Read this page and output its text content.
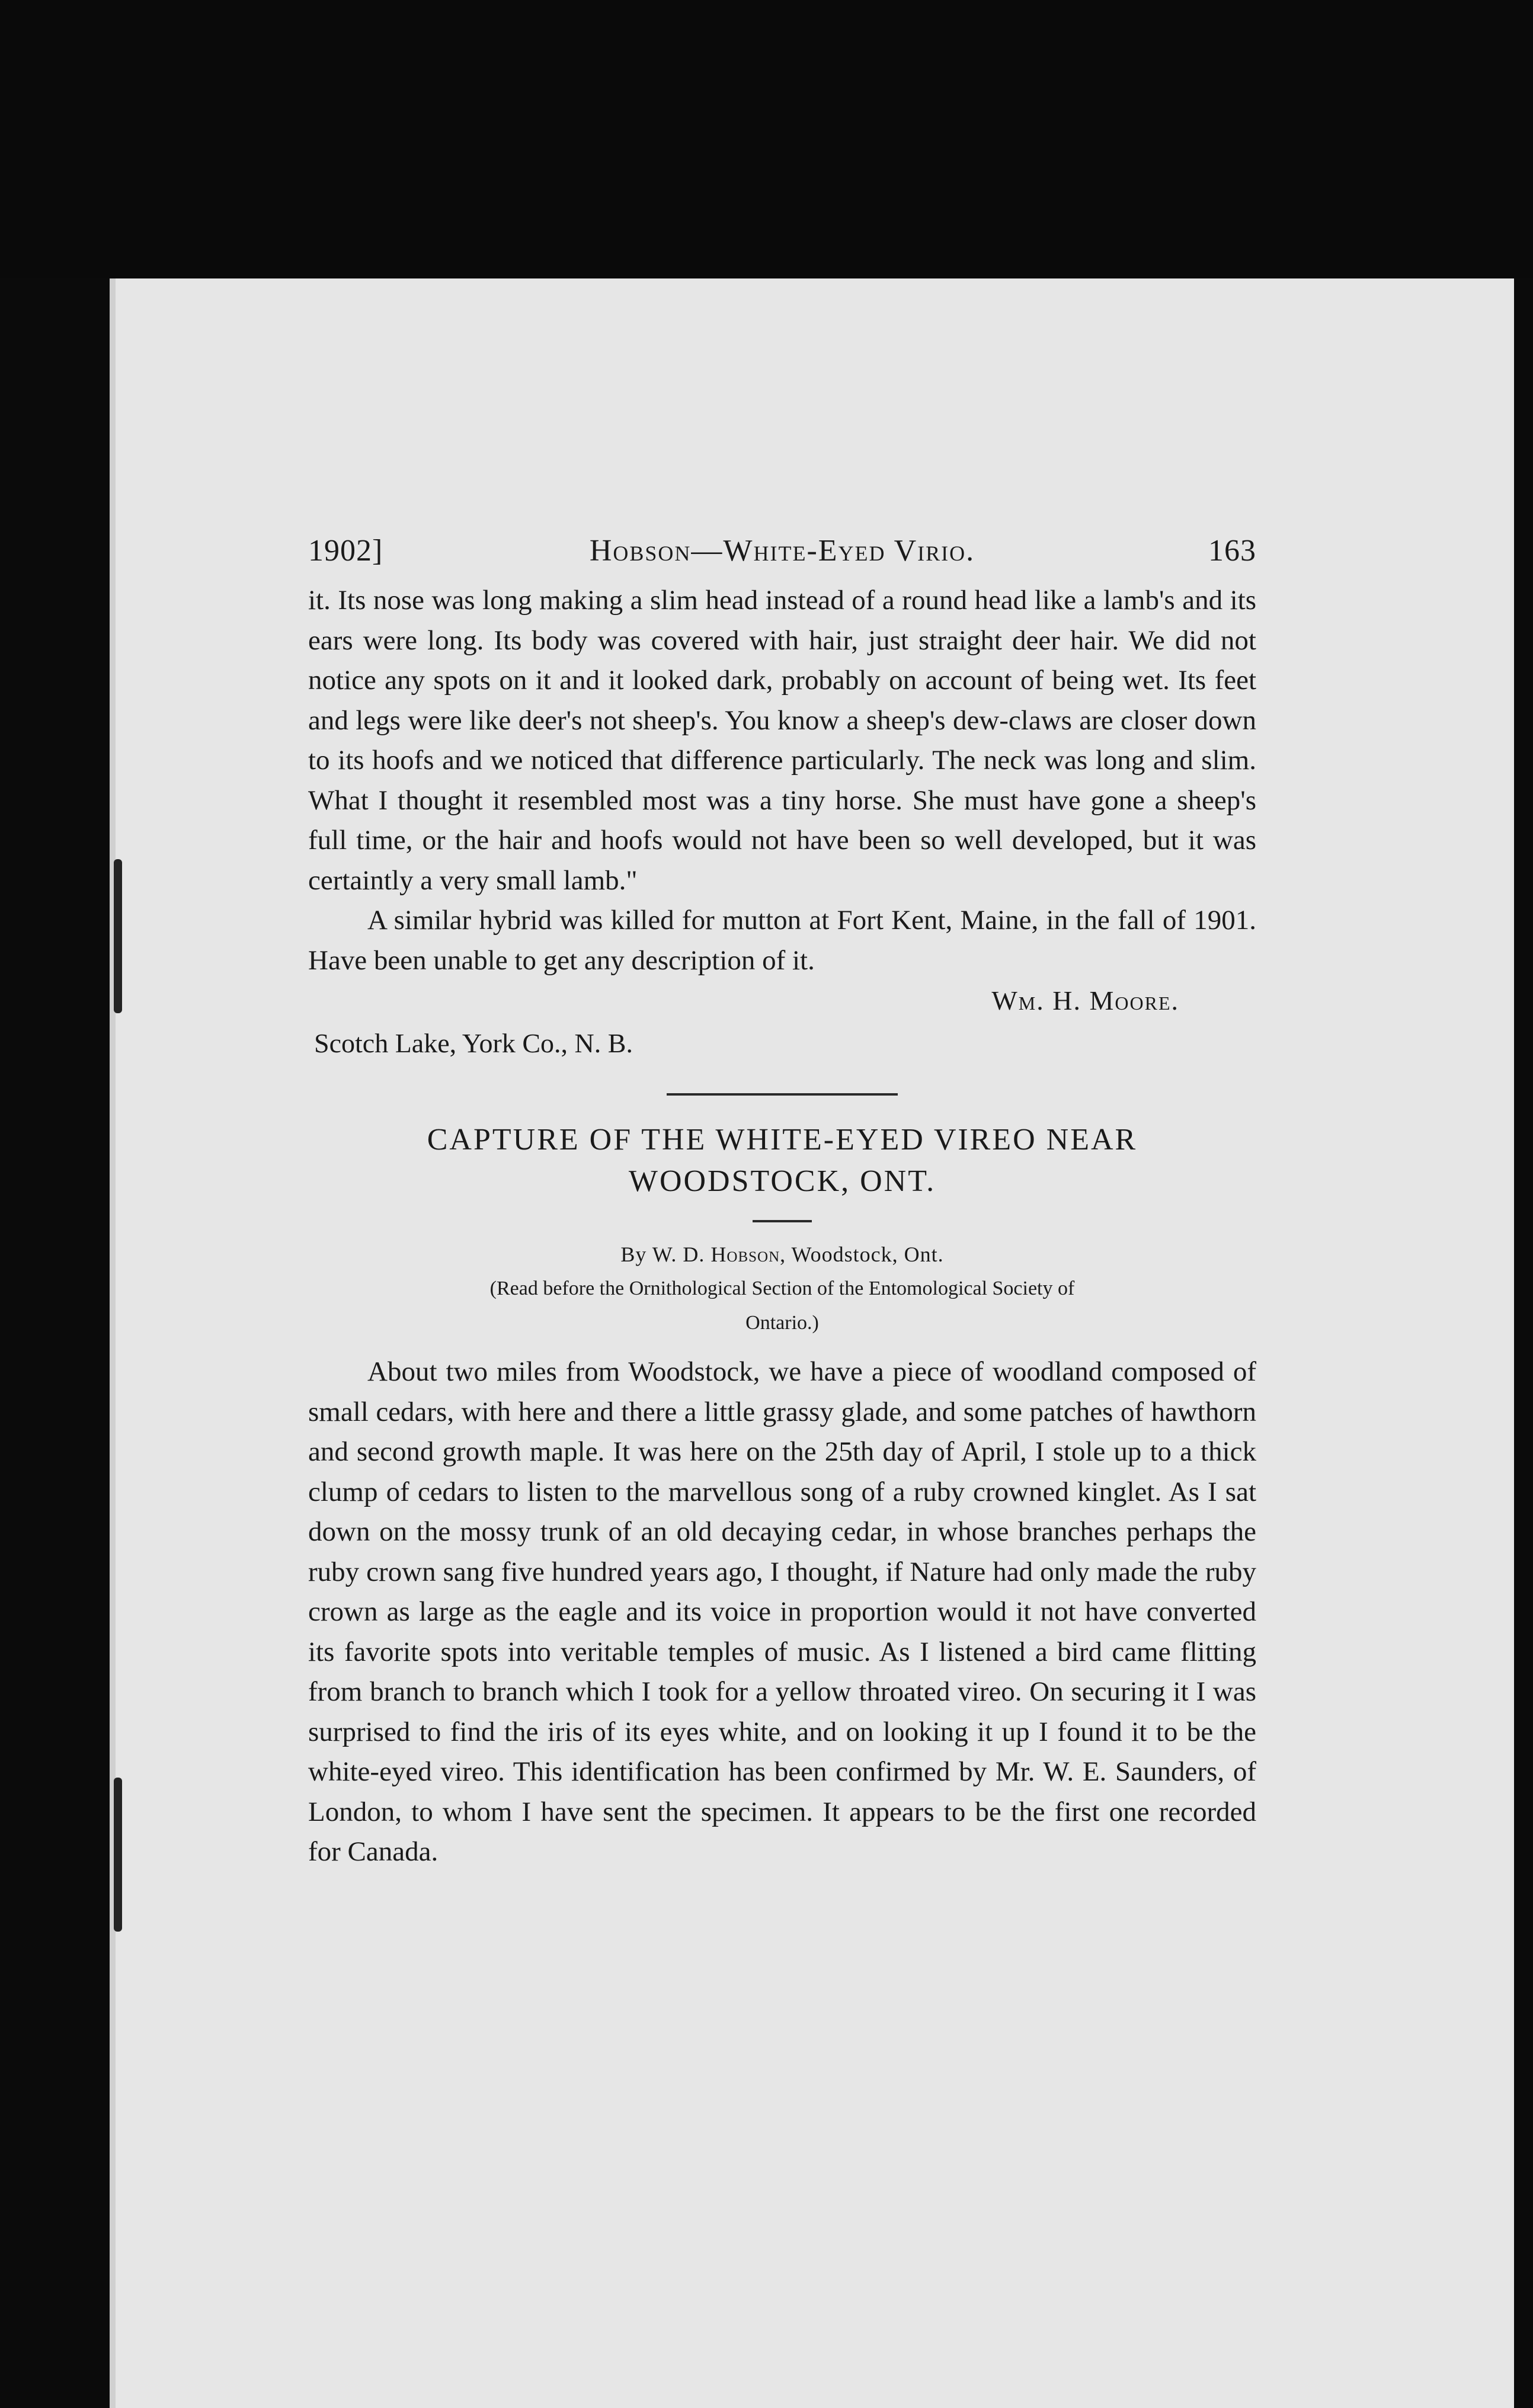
1902]	Hobson—White-Eyed Virio.	163

it. Its nose was long making a slim head instead of a round head like a lamb's and its ears were long. Its body was covered with hair, just straight deer hair. We did not notice any spots on it and it looked dark, probably on account of being wet. Its feet and legs were like deer's not sheep's. You know a sheep's dew-claws are closer down to its hoofs and we noticed that difference particularly. The neck was long and slim. What I thought it resembled most was a tiny horse. She must have gone a sheep's full time, or the hair and hoofs would not have been so well developed, but it was certaintly a very small lamb."

A similar hybrid was killed for mutton at Fort Kent, Maine, in the fall of 1901. Have been unable to get any description of it.

Wm. H. Moore.
Scotch Lake, York Co., N. B.
CAPTURE OF THE WHITE-EYED VIREO NEAR
WOODSTOCK, ONT.
By W. D. Hobson, Woodstock, Ont.
(Read before the Ornithological Section of the Entomological Society of
Ontario.)

About two miles from Woodstock, we have a piece of woodland composed of small cedars, with here and there a little grassy glade, and some patches of hawthorn and second growth maple. It was here on the 25th day of April, I stole up to a thick clump of cedars to listen to the marvellous song of a ruby crowned kinglet. As I sat down on the mossy trunk of an old decaying cedar, in whose branches perhaps the ruby crown sang five hundred years ago, I thought, if Nature had only made the ruby crown as large as the eagle and its voice in proportion would it not have converted its favorite spots into veritable temples of music. As I listened a bird came flitting from branch to branch which I took for a yellow throated vireo. On securing it I was surprised to find the iris of its eyes white, and on looking it up I found it to be the white-eyed vireo. This identification has been confirmed by Mr. W. E. Saunders, of London, to whom I have sent the specimen. It appears to be the first one recorded for Canada.
